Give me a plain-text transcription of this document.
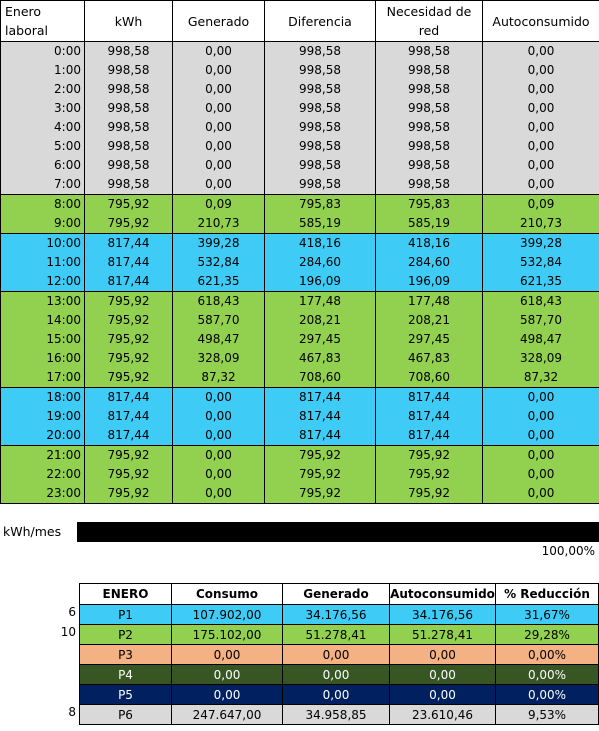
Enero laboral	kWh	Generado	Diferencia	Necesidad de red	Autoconsumido
0:00	998,58	0,00	998,58	998,58	0,00
1:00	998,58	0,00	998,58	998,58	0,00
2:00	998,58	0,00	998,58	998,58	0,00
3:00	998,58	0,00	998,58	998,58	0,00
4:00	998,58	0,00	998,58	998,58	0,00
5:00	998,58	0,00	998,58	998,58	0,00
6:00	998,58	0,00	998,58	998,58	0,00
7:00	998,58	0,00	998,58	998,58	0,00
8:00	795,92	0,09	795,83	795,83	0,09
9:00	795,92	210,73	585,19	585,19	210,73
10:00	817,44	399,28	418,16	418,16	399,28
11:00	817,44	532,84	284,60	284,60	532,84
12:00	817,44	621,35	196,09	196,09	621,35
13:00	795,92	618,43	177,48	177,48	618,43
14:00	795,92	587,70	208,21	208,21	587,70
15:00	795,92	498,47	297,45	297,45	498,47
16:00	795,92	328,09	467,83	467,83	328,09
17:00	795,92	87,32	708,60	708,60	87,32
18:00	817,44	0,00	817,44	817,44	0,00
19:00	817,44	0,00	817,44	817,44	0,00
20:00	817,44	0,00	817,44	817,44	0,00
21:00	795,92	0,00	795,92	795,92	0,00
22:00	795,92	0,00	795,92	795,92	0,00
23:00	795,92	0,00	795,92	795,92	0,00
kWh/mes
100,00%
6
10
8
ENERO	Consumo	Generado	Autoconsumido	% Reducción
P1	107.902,00	34.176,56	34.176,56	31,67%
P2	175.102,00	51.278,41	51.278,41	29,28%
P3	0,00	0,00	0,00	0,00%
P4	0,00	0,00	0,00	0,00%
P5	0,00	0,00	0,00	0,00%
P6	247.647,00	34.958,85	23.610,46	9,53%
